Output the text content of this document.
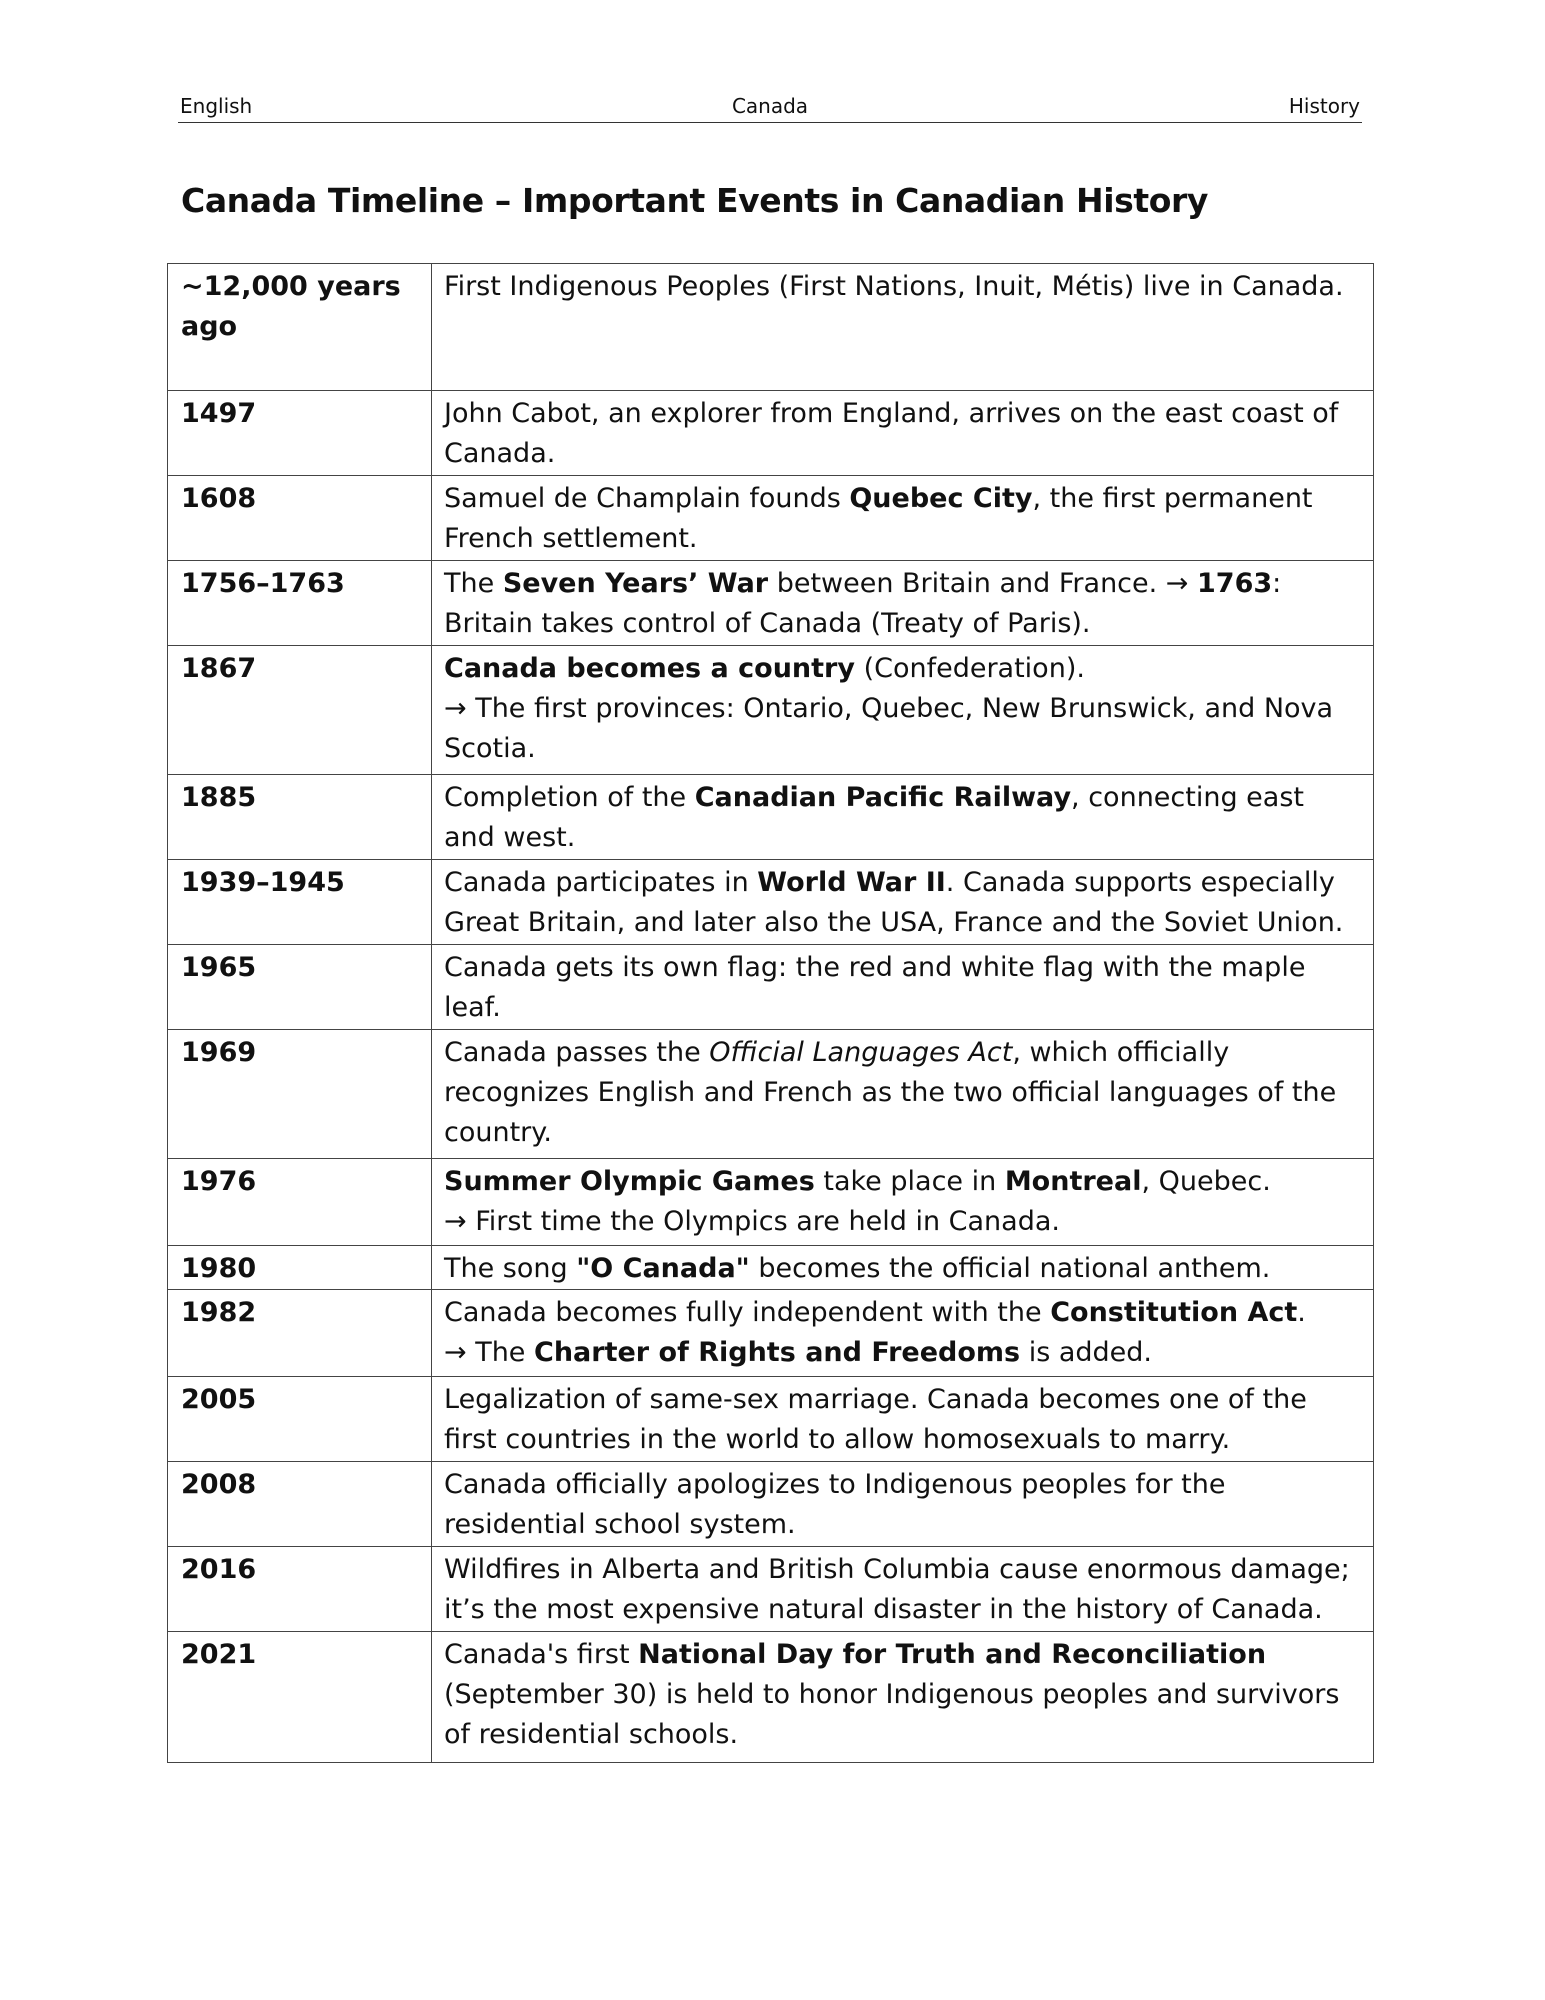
English	Canada	History
Canada Timeline – Important Events in Canadian History
~12,000 years ago	First Indigenous Peoples (First Nations, Inuit, Métis) live in Canada.
1497	John Cabot, an explorer from England, arrives on the east coast of Canada.
1608	Samuel de Champlain founds Quebec City, the first permanent French settlement.
1756–1763	The Seven Years’ War between Britain and France. → 1763: Britain takes control of Canada (Treaty of Paris).
1867	Canada becomes a country (Confederation).
→ The first provinces: Ontario, Quebec, New Brunswick, and Nova Scotia.
1885	Completion of the Canadian Pacific Railway, connecting east and west.
1939–1945	Canada participates in World War II. Canada supports especially Great Britain, and later also the USA, France and the Soviet Union.
1965	Canada gets its own flag: the red and white flag with the maple leaf.
1969	Canada passes the Official Languages Act, which officially recognizes English and French as the two official languages of the country.
1976	Summer Olympic Games take place in Montreal, Quebec.
→ First time the Olympics are held in Canada.
1980	The song "O Canada" becomes the official national anthem.
1982	Canada becomes fully independent with the Constitution Act.
→ The Charter of Rights and Freedoms is added.
2005	Legalization of same-sex marriage. Canada becomes one of the first countries in the world to allow homosexuals to marry.
2008	Canada officially apologizes to Indigenous peoples for the residential school system.
2016	Wildfires in Alberta and British Columbia cause enormous damage; it’s the most expensive natural disaster in the history of Canada.
2021	Canada's first National Day for Truth and Reconciliation (September 30) is held to honor Indigenous peoples and survivors of residential schools.
